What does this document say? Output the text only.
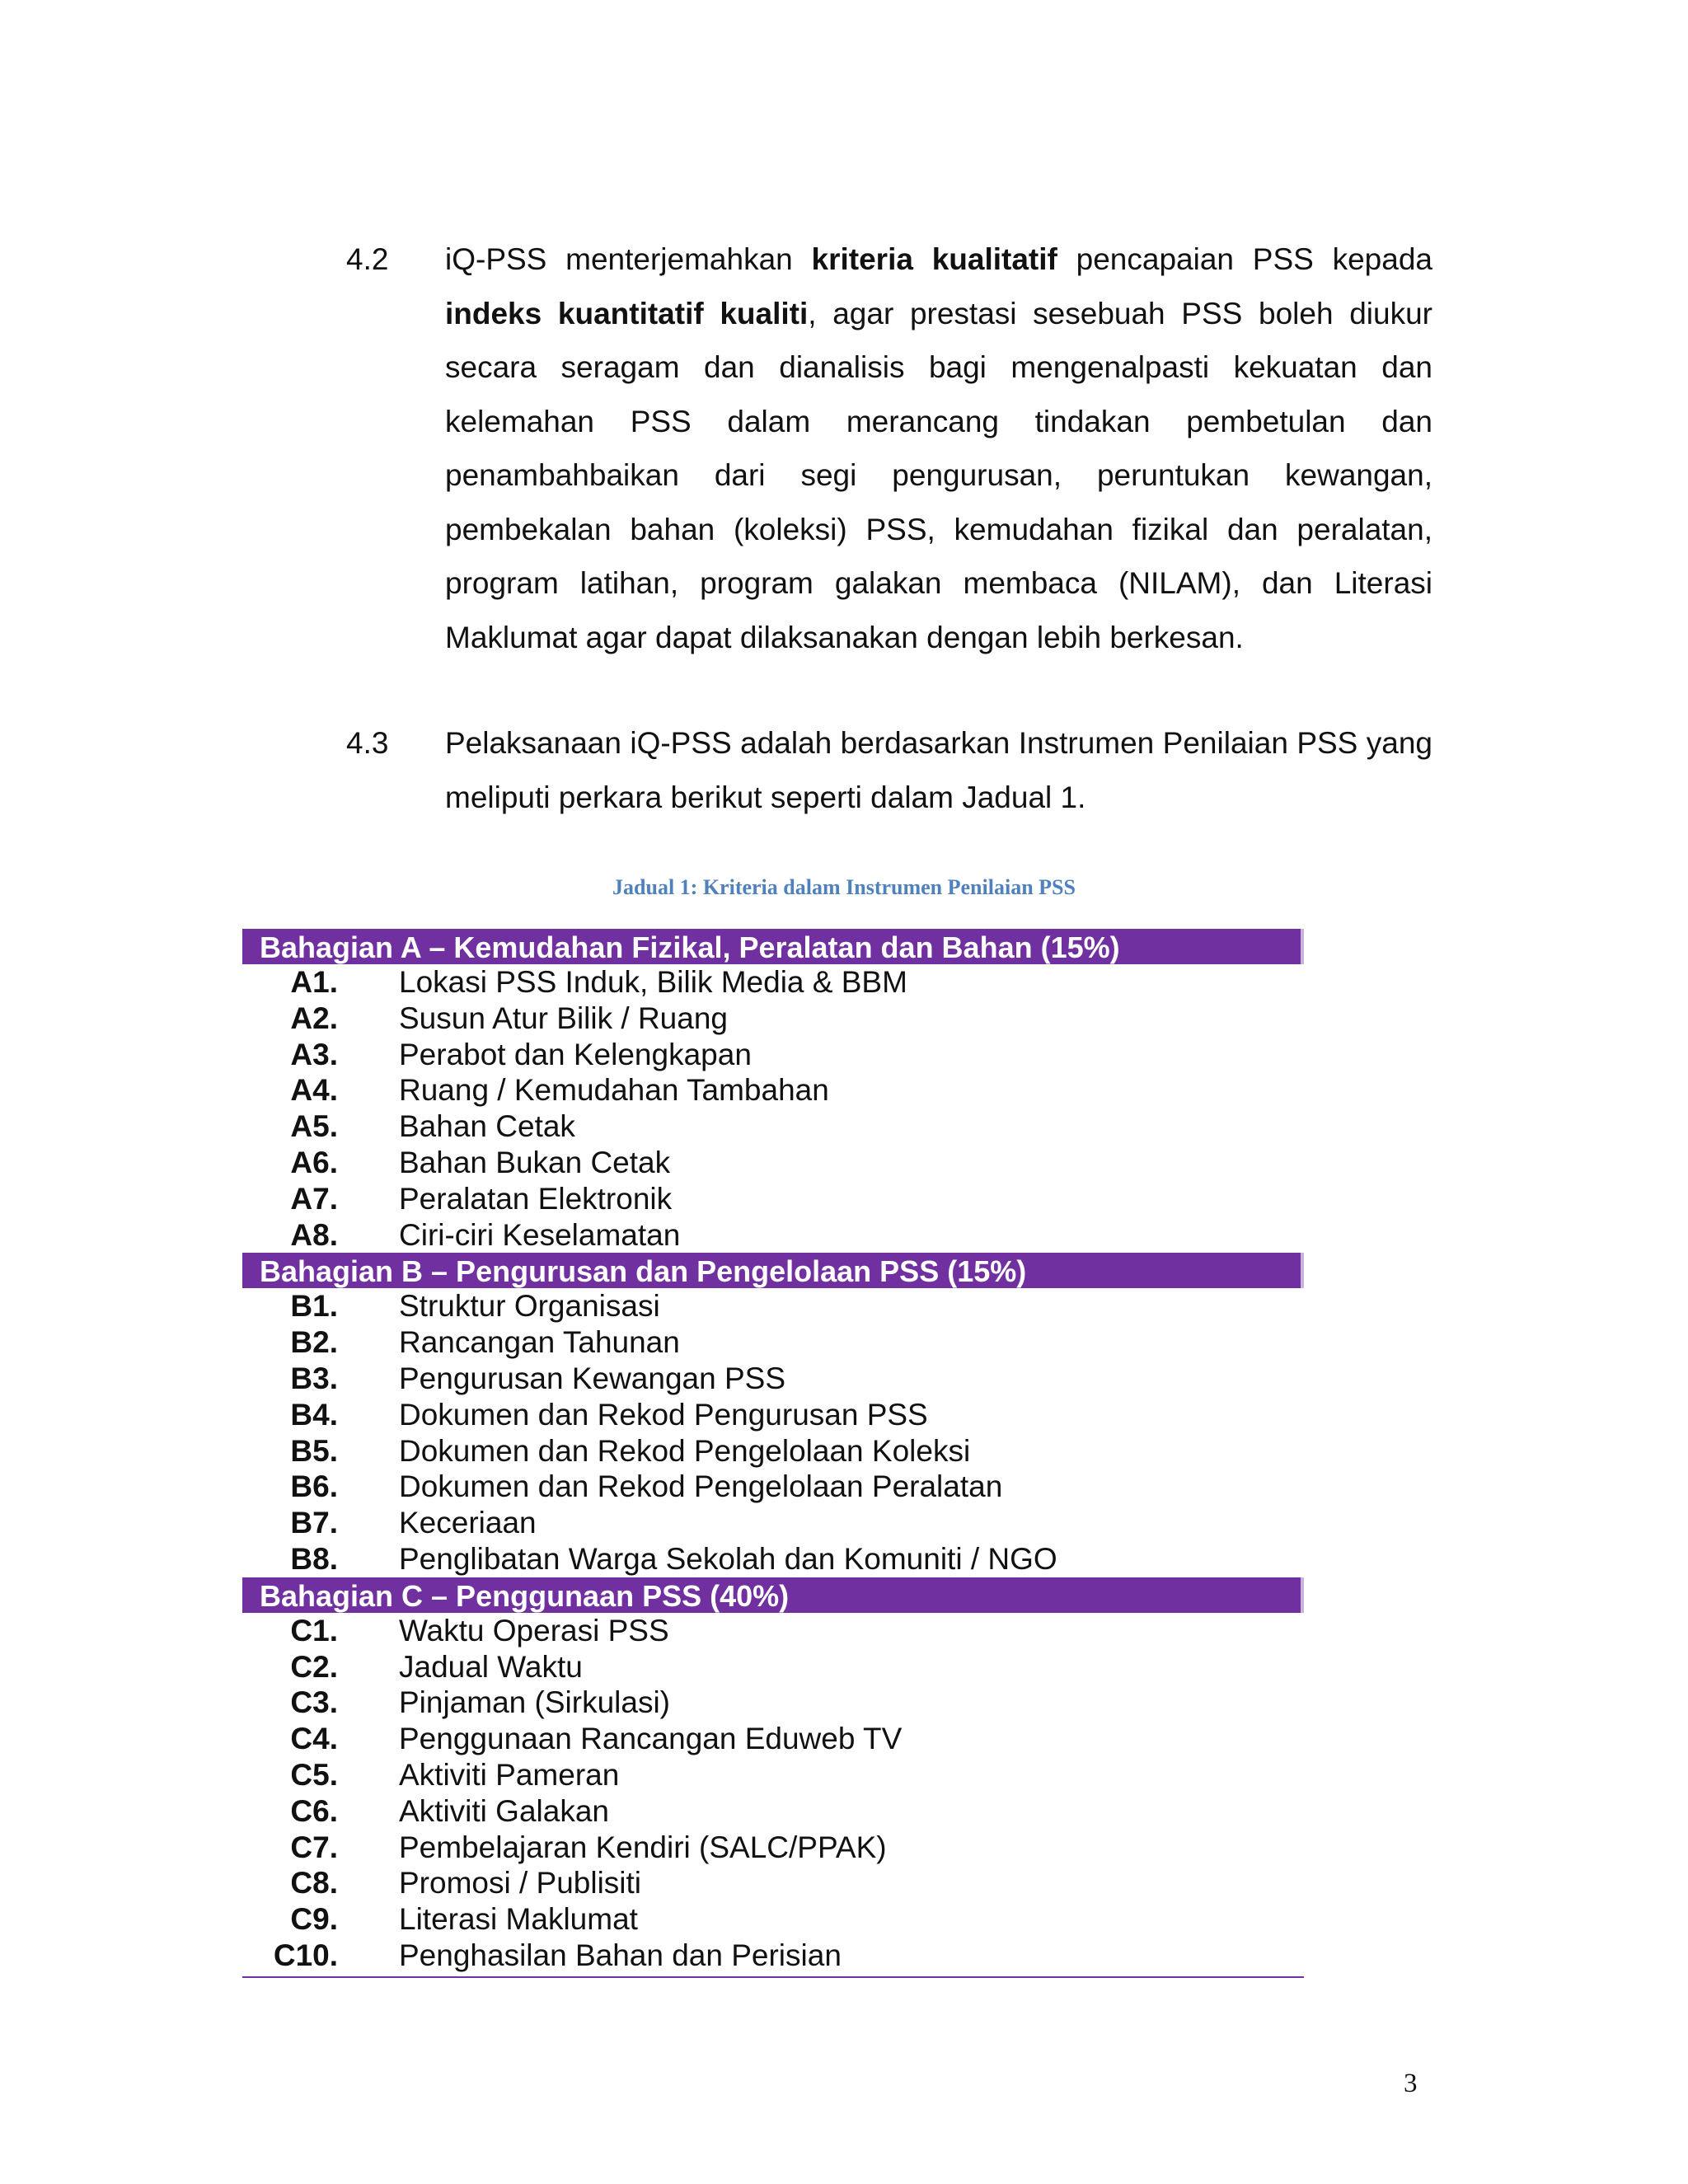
4.2 iQ-PSS menterjemahkan kriteria kualitatif pencapaian PSS kepada indeks kuantitatif kualiti, agar prestasi sesebuah PSS boleh diukur secara seragam dan dianalisis bagi mengenalpasti kekuatan dan kelemahan PSS dalam merancang tindakan pembetulan dan penambahbaikan dari segi pengurusan, peruntukan kewangan, pembekalan bahan (koleksi) PSS, kemudahan fizikal dan peralatan, program latihan, program galakan membaca (NILAM), dan Literasi Maklumat agar dapat dilaksanakan dengan lebih berkesan.
4.3 Pelaksanaan iQ-PSS adalah berdasarkan Instrumen Penilaian PSS yang meliputi perkara berikut seperti dalam Jadual 1.
Jadual 1: Kriteria dalam Instrumen Penilaian PSS
Bahagian A – Kemudahan Fizikal, Peralatan dan Bahan (15%)
A1. Lokasi PSS Induk, Bilik Media & BBM
A2. Susun Atur Bilik / Ruang
A3. Perabot dan Kelengkapan
A4. Ruang / Kemudahan Tambahan
A5. Bahan Cetak
A6. Bahan Bukan Cetak
A7. Peralatan Elektronik
A8. Ciri-ciri Keselamatan
Bahagian B – Pengurusan dan Pengelolaan PSS (15%)
B1. Struktur Organisasi
B2. Rancangan Tahunan
B3. Pengurusan Kewangan PSS
B4. Dokumen dan Rekod Pengurusan PSS
B5. Dokumen dan Rekod Pengelolaan Koleksi
B6. Dokumen dan Rekod Pengelolaan Peralatan
B7. Keceriaan
B8. Penglibatan Warga Sekolah dan Komuniti / NGO
Bahagian C – Penggunaan PSS (40%)
C1. Waktu Operasi PSS
C2. Jadual Waktu
C3. Pinjaman (Sirkulasi)
C4. Penggunaan Rancangan Eduweb TV
C5. Aktiviti Pameran
C6. Aktiviti Galakan
C7. Pembelajaran Kendiri (SALC/PPAK)
C8. Promosi / Publisiti
C9. Literasi Maklumat
C10. Penghasilan Bahan dan Perisian
3
